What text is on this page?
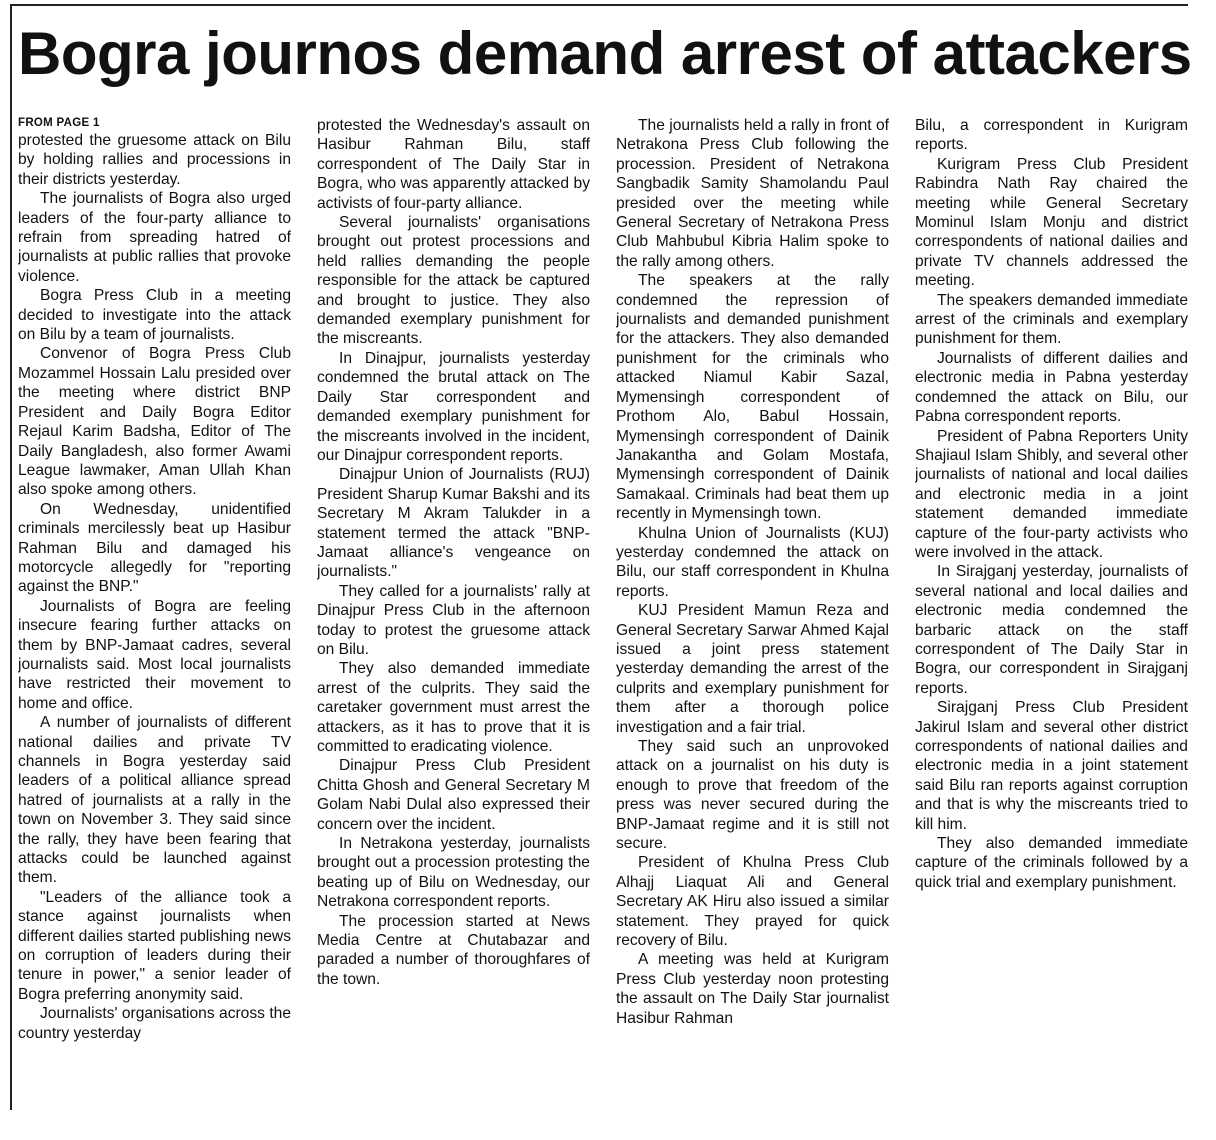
Bogra journos demand arrest of attackers
FROM PAGE 1

protested the gruesome attack on Bilu by holding rallies and processions in their districts yesterday.

The journalists of Bogra also urged leaders of the four-party alliance to refrain from spreading hatred of journalists at public rallies that provoke violence.

Bogra Press Club in a meeting decided to investigate into the attack on Bilu by a team of journalists.

Convenor of Bogra Press Club Mozammel Hossain Lalu presided over the meeting where district BNP President and Daily Bogra Editor Rejaul Karim Badsha, Editor of The Daily Bangladesh, also former Awami League lawmaker, Aman Ullah Khan also spoke among others.

On Wednesday, unidentified criminals mercilessly beat up Hasibur Rahman Bilu and damaged his motorcycle allegedly for "reporting against the BNP."

Journalists of Bogra are feeling insecure fearing further attacks on them by BNP-Jamaat cadres, several journalists said. Most local journalists have restricted their movement to home and office.

A number of journalists of different national dailies and private TV channels in Bogra yesterday said leaders of a political alliance spread hatred of journalists at a rally in the town on November 3. They said since the rally, they have been fearing that attacks could be launched against them.

"Leaders of the alliance took a stance against journalists when different dailies started publishing news on corruption of leaders during their tenure in power," a senior leader of Bogra preferring anonymity said.

Journalists' organisations across the country yesterday

protested the Wednesday's assault on Hasibur Rahman Bilu, staff correspondent of The Daily Star in Bogra, who was apparently attacked by activists of four-party alliance.

Several journalists' organisations brought out protest processions and held rallies demanding the people responsible for the attack be captured and brought to justice. They also demanded exemplary punishment for the miscreants.

In Dinajpur, journalists yesterday condemned the brutal attack on The Daily Star correspondent and demanded exemplary punishment for the miscreants involved in the incident, our Dinajpur correspondent reports.

Dinajpur Union of Journalists (RUJ) President Sharup Kumar Bakshi and its Secretary M Akram Talukder in a statement termed the attack "BNP-Jamaat alliance's vengeance on journalists."

They called for a journalists' rally at Dinajpur Press Club in the afternoon today to protest the gruesome attack on Bilu.

They also demanded immediate arrest of the culprits. They said the caretaker government must arrest the attackers, as it has to prove that it is committed to eradicating violence.

Dinajpur Press Club President Chitta Ghosh and General Secretary M Golam Nabi Dulal also expressed their concern over the incident.

In Netrakona yesterday, journalists brought out a procession protesting the beating up of Bilu on Wednesday, our Netrakona correspondent reports.

The procession started at News Media Centre at Chutabazar and paraded a number of thoroughfares of the town.

The journalists held a rally in front of Netrakona Press Club following the procession. President of Netrakona Sangbadik Samity Shamolandu Paul presided over the meeting while General Secretary of Netrakona Press Club Mahbubul Kibria Halim spoke to the rally among others.

The speakers at the rally condemned the repression of journalists and demanded punishment for the attackers. They also demanded punishment for the criminals who attacked Niamul Kabir Sazal, Mymensingh correspondent of Prothom Alo, Babul Hossain, Mymensingh correspondent of Dainik Janakantha and Golam Mostafa, Mymensingh correspondent of Dainik Samakaal. Criminals had beat them up recently in Mymensingh town.

Khulna Union of Journalists (KUJ) yesterday condemned the attack on Bilu, our staff correspondent in Khulna reports.

KUJ President Mamun Reza and General Secretary Sarwar Ahmed Kajal issued a joint press statement yesterday demanding the arrest of the culprits and exemplary punishment for them after a thorough police investigation and a fair trial.

They said such an unprovoked attack on a journalist on his duty is enough to prove that freedom of the press was never secured during the BNP-Jamaat regime and it is still not secure.

President of Khulna Press Club Alhajj Liaquat Ali and General Secretary AK Hiru also issued a similar statement. They prayed for quick recovery of Bilu.

A meeting was held at Kurigram Press Club yesterday noon protesting the assault on The Daily Star journalist Hasibur Rahman

Bilu, a correspondent in Kurigram reports.

Kurigram Press Club President Rabindra Nath Ray chaired the meeting while General Secretary Mominul Islam Monju and district correspondents of national dailies and private TV channels addressed the meeting.

The speakers demanded immediate arrest of the criminals and exemplary punishment for them.

Journalists of different dailies and electronic media in Pabna yesterday condemned the attack on Bilu, our Pabna correspondent reports.

President of Pabna Reporters Unity Shajiaul Islam Shibly, and several other journalists of national and local dailies and electronic media in a joint statement demanded immediate capture of the four-party activists who were involved in the attack.

In Sirajganj yesterday, journalists of several national and local dailies and electronic media condemned the barbaric attack on the staff correspondent of The Daily Star in Bogra, our correspondent in Sirajganj reports.

Sirajganj Press Club President Jakirul Islam and several other district correspondents of national dailies and electronic media in a joint statement said Bilu ran reports against corruption and that is why the miscreants tried to kill him.

They also demanded immediate capture of the criminals followed by a quick trial and exemplary punishment.
